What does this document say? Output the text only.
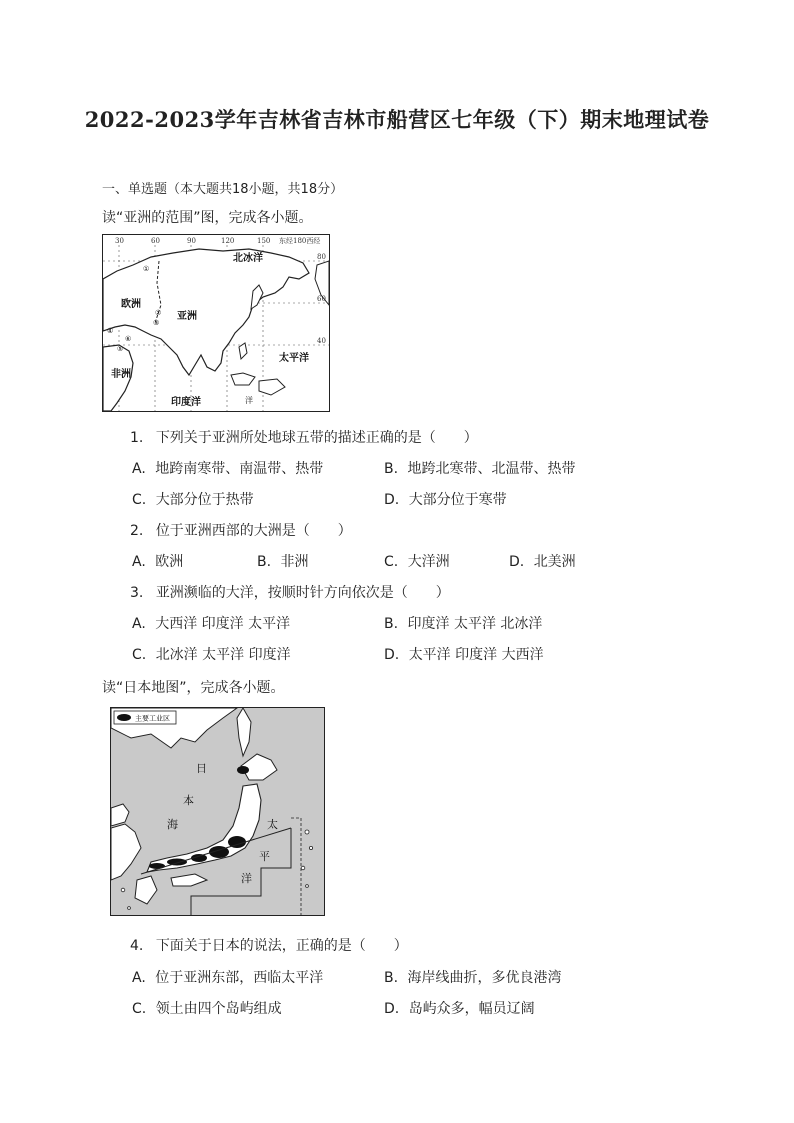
2022-2023学年吉林省吉林市船营区七年级（下）期末地理试卷
一、单选题（本大题共18小题，共18分）
读“亚洲的范围”图，完成各小题。
30	60	90	120	150 东经180西经
80
60
40
北冰洋
欧洲
亚洲
太平洋
非洲
印度洋	洋
①
②
③
④
⑤
⑥
1. 下列关于亚洲所处地球五带的描述正确的是（　　）
A. 地跨南寒带、南温带、热带	B. 地跨北寒带、北温带、热带
C. 大部分位于热带	D. 大部分位于寒带
2. 位于亚洲西部的大洲是（　　）
A. 欧洲	B. 非洲	C. 大洋洲	D. 北美洲
3. 亚洲濒临的大洋，按顺时针方向依次是（　　）
A. 大西洋 印度洋 太平洋	B. 印度洋 太平洋 北冰洋
C. 北冰洋 太平洋 印度洋	D. 太平洋 印度洋 大西洋
读“日本地图”，完成各小题。
主要工业区
日
本
海	太
平
洋
4. 下面关于日本的说法，正确的是（　　）
A. 位于亚洲东部，西临太平洋	B. 海岸线曲折，多优良港湾
C. 领土由四个岛屿组成	D. 岛屿众多，幅员辽阔
